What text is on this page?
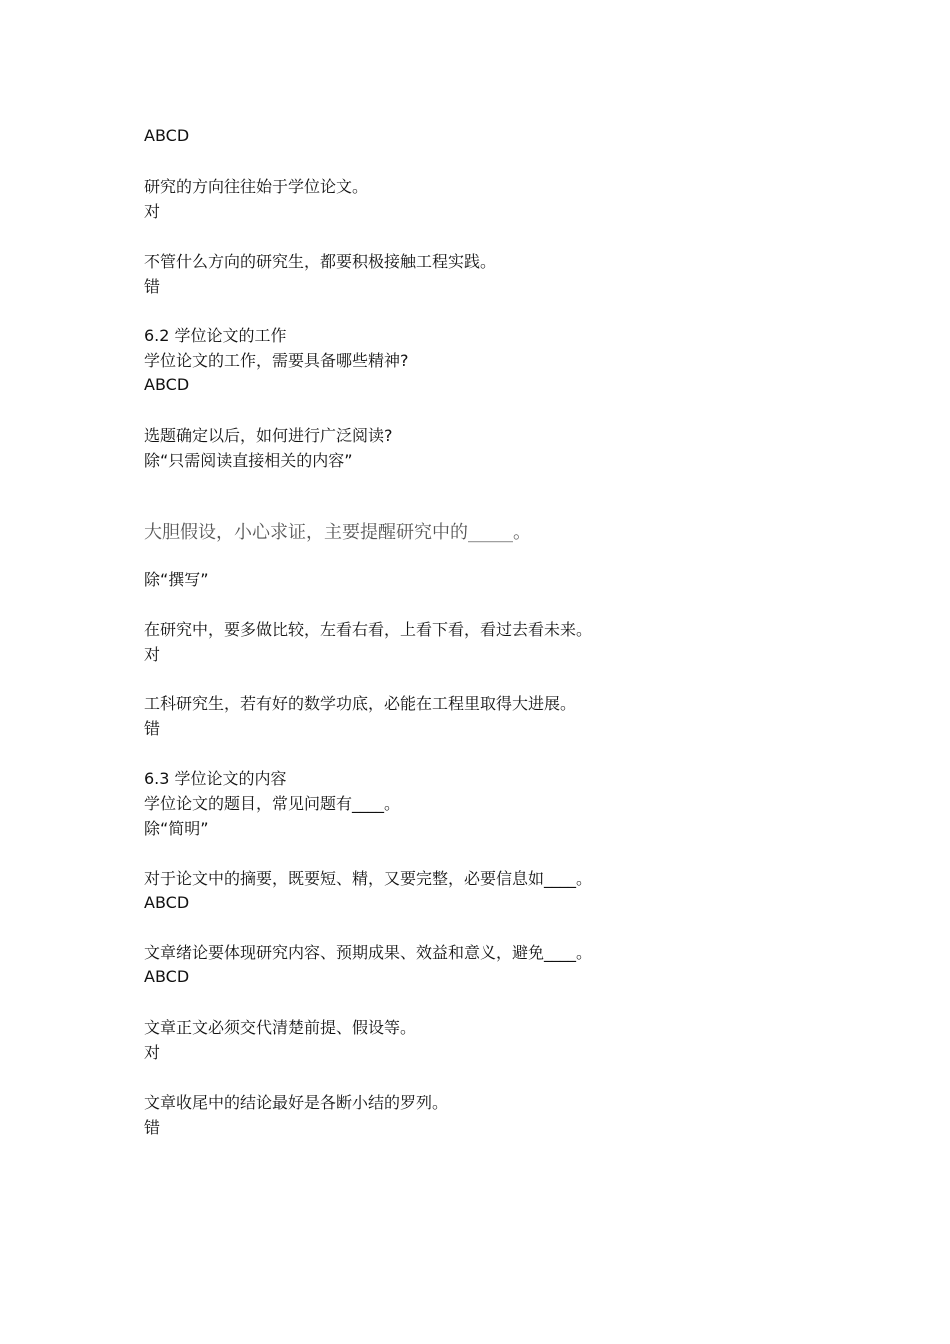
ABCD
研究的方向往往始于学位论文。
对
不管什么方向的研究生，都要积极接触工程实践。
错
6.2 学位论文的工作
学位论文的工作，需要具备哪些精神?
ABCD
选题确定以后，如何进行广泛阅读?
除“只需阅读直接相关的内容”
大胆假设，小心求证，主要提醒研究中的_____。
除“撰写”
在研究中，要多做比较，左看右看，上看下看，看过去看未来。
对
工科研究生，若有好的数学功底，必能在工程里取得大进展。
错
6.3 学位论文的内容
学位论文的题目，常见问题有____。
除“简明”
对于论文中的摘要，既要短、精，又要完整，必要信息如____。
ABCD
文章绪论要体现研究内容、预期成果、效益和意义，避免____。
ABCD
文章正文必须交代清楚前提、假设等。
对
文章收尾中的结论最好是各断小结的罗列。
错
